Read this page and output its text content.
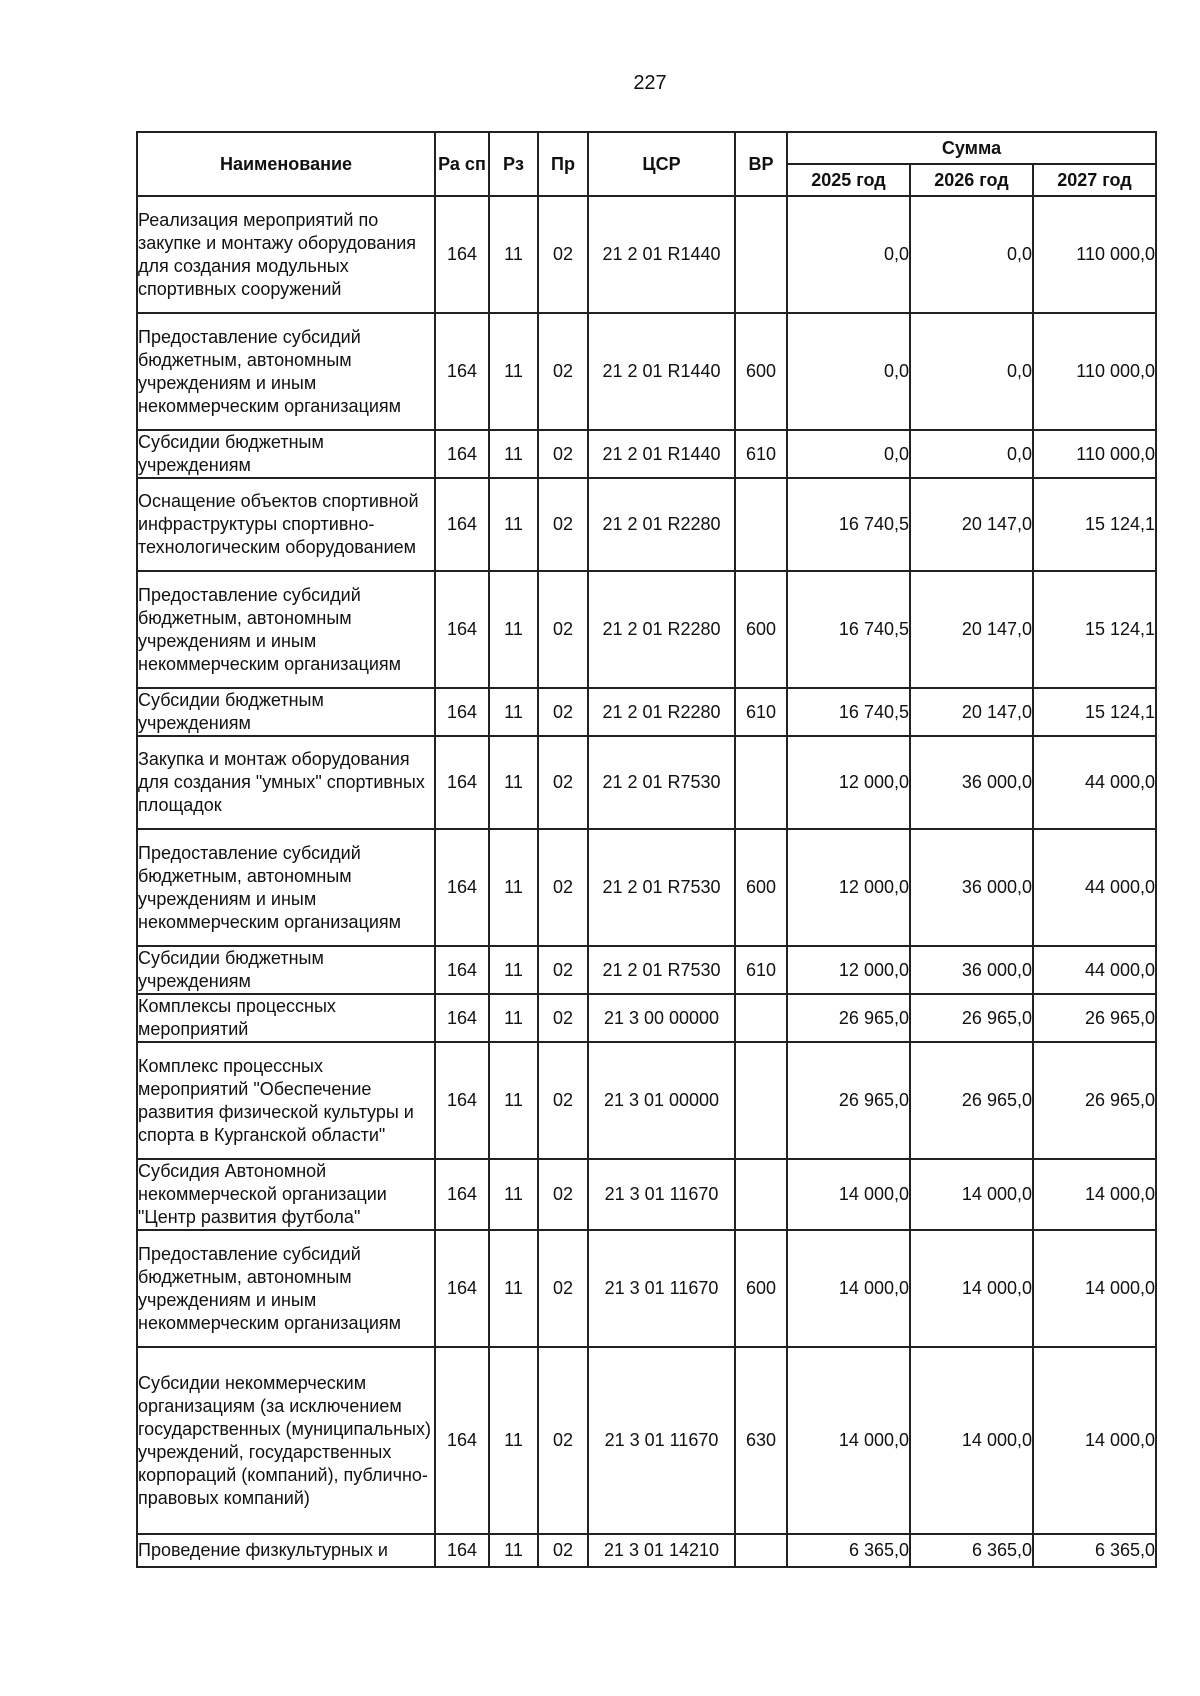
227
Наименование	Ра сп	Рз	Пр	ЦСР	ВР	Сумма		
						2025 год	2026 год	2027 год
Реализация мероприятий по закупке и монтажу оборудования для создания модульных спортивных сооружений	164	11	02	21 2 01 R1440		0,0	0,0	110 000,0
Предоставление субсидий бюджетным, автономным учреждениям и иным некоммерческим организациям	164	11	02	21 2 01 R1440	600	0,0	0,0	110 000,0
Субсидии бюджетным учреждениям	164	11	02	21 2 01 R1440	610	0,0	0,0	110 000,0
Оснащение объектов спортивной инфраструктуры спортивно-технологическим оборудованием	164	11	02	21 2 01 R2280		16 740,5	20 147,0	15 124,1
Предоставление субсидий бюджетным, автономным учреждениям и иным некоммерческим организациям	164	11	02	21 2 01 R2280	600	16 740,5	20 147,0	15 124,1
Субсидии бюджетным учреждениям	164	11	02	21 2 01 R2280	610	16 740,5	20 147,0	15 124,1
Закупка и монтаж оборудования для создания "умных" спортивных площадок	164	11	02	21 2 01 R7530		12 000,0	36 000,0	44 000,0
Предоставление субсидий бюджетным, автономным учреждениям и иным некоммерческим организациям	164	11	02	21 2 01 R7530	600	12 000,0	36 000,0	44 000,0
Субсидии бюджетным учреждениям	164	11	02	21 2 01 R7530	610	12 000,0	36 000,0	44 000,0
Комплексы процессных мероприятий	164	11	02	21 3 00 00000		26 965,0	26 965,0	26 965,0
Комплекс процессных мероприятий "Обеспечение развития физической культуры и спорта в Курганской области"	164	11	02	21 3 01 00000		26 965,0	26 965,0	26 965,0
Субсидия Автономной некоммерческой организации "Центр развития футбола"	164	11	02	21 3 01 11670		14 000,0	14 000,0	14 000,0
Предоставление субсидий бюджетным, автономным учреждениям и иным некоммерческим организациям	164	11	02	21 3 01 11670	600	14 000,0	14 000,0	14 000,0
Субсидии некоммерческим организациям (за исключением государственных (муниципальных) учреждений, государственных корпораций (компаний), публично-правовых компаний)	164	11	02	21 3 01 11670	630	14 000,0	14 000,0	14 000,0
Проведение физкультурных и	164	11	02	21 3 01 14210		6 365,0	6 365,0	6 365,0
